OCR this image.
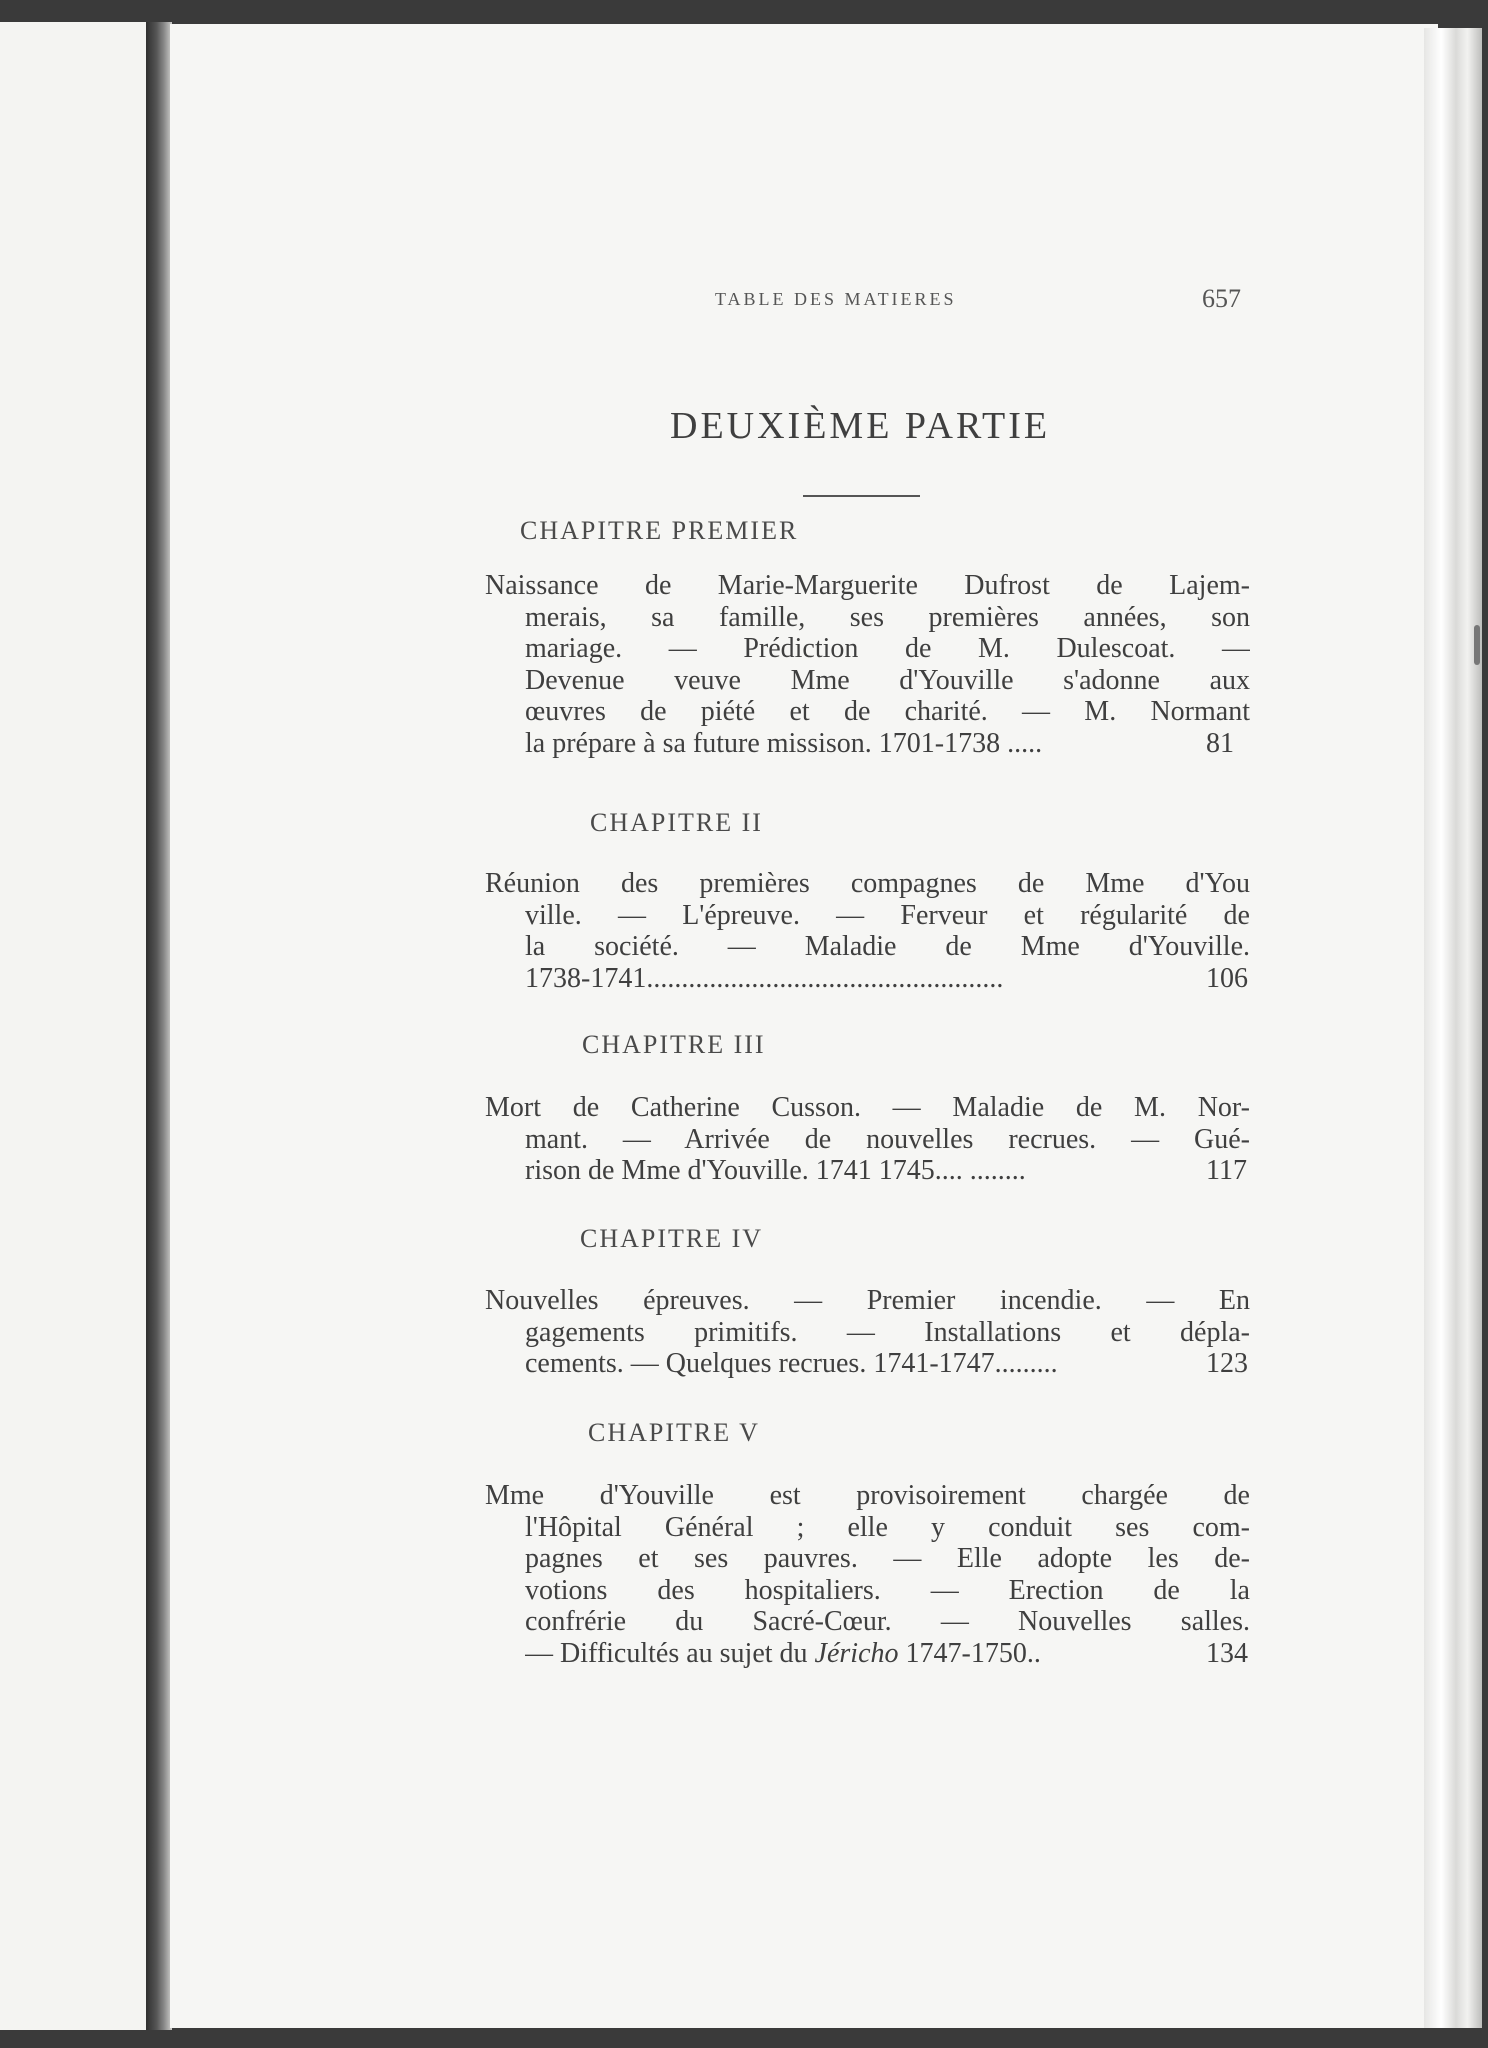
TABLE DES MATIERES	657
DEUXIÈME PARTIE
CHAPITRE PREMIER
Naissance de Marie-Marguerite Dufrost de Lajem-
merais, sa famille, ses premières années, son
mariage. — Prédiction de M. Dulescoat. —
Devenue veuve Mme d'Youville s'adonne aux
œuvres de piété et de charité. — M. Normant
la prépare à sa future missison. 1701-1738 .....	81
CHAPITRE II
Réunion des premières compagnes de Mme d'You
ville. — L'épreuve. — Ferveur et régularité de
la société. — Maladie de Mme d'Youville.
1738-1741...................................................	106
CHAPITRE III
Mort de Catherine Cusson. — Maladie de M. Nor-
mant. — Arrivée de nouvelles recrues. — Gué-
rison de Mme d'Youville. 1741 1745.... ........	117
CHAPITRE IV
Nouvelles épreuves. — Premier incendie. — En
gagements primitifs. — Installations et dépla-
cements. — Quelques recrues. 1741-1747.........	123
CHAPITRE V
Mme d'Youville est provisoirement chargée de
l'Hôpital Général ; elle y conduit ses com-
pagnes et ses pauvres. — Elle adopte les de-
votions des hospitaliers. — Erection de la
confrérie du Sacré-Cœur. — Nouvelles salles.
— Difficultés au sujet du Jéricho 1747-1750..	134
